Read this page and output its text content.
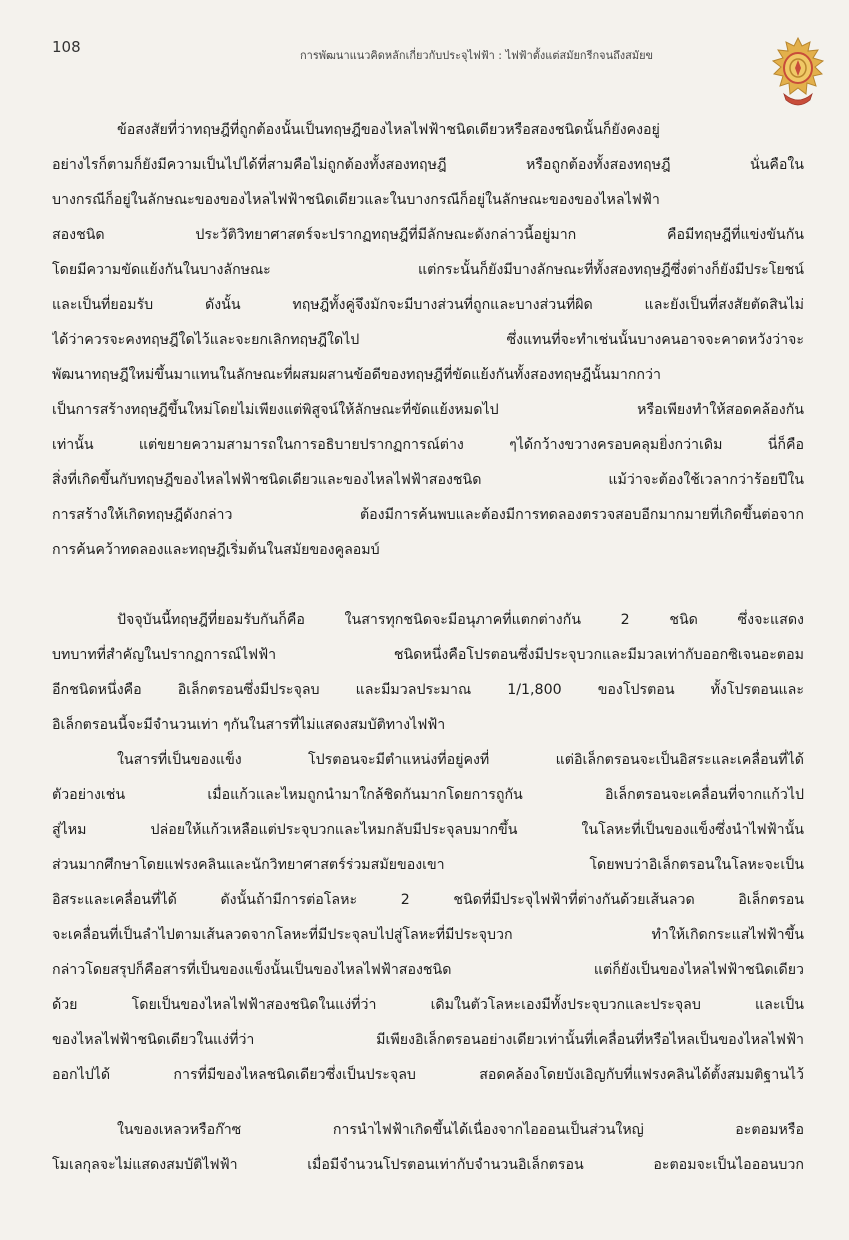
108	การพัฒนาแนวคิดหลักเกี่ยวกับประจุไฟฟ้า : ไฟฟ้าตั้งแต่สมัยกรีกจนถึงสมัยข
ข้อสงสัยที่ว่าทฤษฎีที่ถูกต้องนั้นเป็นทฤษฎีของไหลไฟฟ้าชนิดเดียวหรือสองชนิดนั้นก็ยังคงอยู่
อย่างไรก็ตามก็ยังมีความเป็นไปได้ที่สามคือไม่ถูกต้องทั้งสองทฤษฎี หรือถูกต้องทั้งสองทฤษฎี นั่นคือใน
บางกรณีก็อยู่ในลักษณะของของไหลไฟฟ้าชนิดเดียวและในบางกรณีก็อยู่ในลักษณะของของไหลไฟฟ้า
สองชนิด ประวัติวิทยาศาสตร์จะปรากฏทฤษฎีที่มีลักษณะดังกล่าวนี้อยู่มาก คือมีทฤษฎีที่แข่งขันกัน
โดยมีความขัดแย้งกันในบางลักษณะ แต่กระนั้นก็ยังมีบางลักษณะที่ทั้งสองทฤษฎีซึ่งต่างก็ยังมีประโยชน์
และเป็นที่ยอมรับ ดังนั้น ทฤษฎีทั้งคู่จึงมักจะมีบางส่วนที่ถูกและบางส่วนที่ผิด และยังเป็นที่สงสัยตัดสินไม่
ได้ว่าควรจะคงทฤษฎีใดไว้และจะยกเลิกทฤษฎีใดไป ซึ่งแทนที่จะทำเช่นนั้นบางคนอาจจะคาดหวังว่าจะ
พัฒนาทฤษฎีใหม่ขึ้นมาแทนในลักษณะที่ผสมผสานข้อดีของทฤษฎีที่ขัดแย้งกันทั้งสองทฤษฎีนั้นมากกว่า
เป็นการสร้างทฤษฎีขึ้นใหม่โดยไม่เพียงแต่พิสูจน์ให้ลักษณะที่ขัดแย้งหมดไป หรือเพียงทำให้สอดคล้องกัน
เท่านั้น แต่ขยายความสามารถในการอธิบายปรากฏการณ์ต่าง ๆได้กว้างขวางครอบคลุมยิ่งกว่าเดิม นี่ก็คือ
สิ่งที่เกิดขึ้นกับทฤษฎีของไหลไฟฟ้าชนิดเดียวและของไหลไฟฟ้าสองชนิด แม้ว่าจะต้องใช้เวลากว่าร้อยปีใน
การสร้างให้เกิดทฤษฎีดังกล่าว ต้องมีการค้นพบและต้องมีการทดลองตรวจสอบอีกมากมายที่เกิดขึ้นต่อจาก
การค้นคว้าทดลองและทฤษฎีเริ่มต้นในสมัยของคูลอมบ์
ปัจจุบันนี้ทฤษฎีที่ยอมรับกันก็คือ ในสารทุกชนิดจะมีอนุภาคที่แตกต่างกัน 2 ชนิด ซึ่งจะแสดง
บทบาทที่สำคัญในปรากฏการณ์ไฟฟ้า ชนิดหนึ่งคือโปรตอนซึ่งมีประจุบวกและมีมวลเท่ากับออกซิเจนอะตอม
อีกชนิดหนึ่งคือ อิเล็กตรอนซึ่งมีประจุลบ และมีมวลประมาณ 1/1,800 ของโปรตอน ทั้งโปรตอนและ
อิเล็กตรอนนี้จะมีจำนวนเท่า ๆกันในสารที่ไม่แสดงสมบัติทางไฟฟ้า
ในสารที่เป็นของแข็ง โปรตอนจะมีตำแหน่งที่อยู่คงที่ แต่อิเล็กตรอนจะเป็นอิสระและเคลื่อนที่ได้
ตัวอย่างเช่น เมื่อแก้วและไหมถูกนำมาใกล้ชิดกันมากโดยการถูกัน อิเล็กตรอนจะเคลื่อนที่จากแก้วไป
สู่ไหม ปล่อยให้แก้วเหลือแต่ประจุบวกและไหมกลับมีประจุลบมากขึ้น ในโลหะที่เป็นของแข็งซึ่งนำไฟฟ้านั้น
ส่วนมากศึกษาโดยแฟรงคลินและนักวิทยาศาสตร์ร่วมสมัยของเขา โดยพบว่าอิเล็กตรอนในโลหะจะเป็น
อิสระและเคลื่อนที่ได้ ดังนั้นถ้ามีการต่อโลหะ 2 ชนิดที่มีประจุไฟฟ้าที่ต่างกันด้วยเส้นลวด อิเล็กตรอน
จะเคลื่อนที่เป็นลำไปตามเส้นลวดจากโลหะที่มีประจุลบไปสู่โลหะที่มีประจุบวก ทำให้เกิดกระแสไฟฟ้าขึ้น
กล่าวโดยสรุปก็คือสารที่เป็นของแข็งนั้นเป็นของไหลไฟฟ้าสองชนิด แต่ก็ยังเป็นของไหลไฟฟ้าชนิดเดียว
ด้วย โดยเป็นของไหลไฟฟ้าสองชนิดในแง่ที่ว่า เดิมในตัวโลหะเองมีทั้งประจุบวกและประจุลบ และเป็น
ของไหลไฟฟ้าชนิดเดียวในแง่ที่ว่า มีเพียงอิเล็กตรอนอย่างเดียวเท่านั้นที่เคลื่อนที่หรือไหลเป็นของไหลไฟฟ้า
ออกไปได้ การที่มีของไหลชนิดเดียวซึ่งเป็นประจุลบ สอดคล้องโดยบังเอิญกับที่แฟรงคลินได้ตั้งสมมติฐานไว้
ในของเหลวหรือก๊าซ การนำไฟฟ้าเกิดขึ้นได้เนื่องจากไอออนเป็นส่วนใหญ่ อะตอมหรือ
โมเลกุลจะไม่แสดงสมบัติไฟฟ้า เมื่อมีจำนวนโปรตอนเท่ากับจำนวนอิเล็กตรอน อะตอมจะเป็นไอออนบวก
